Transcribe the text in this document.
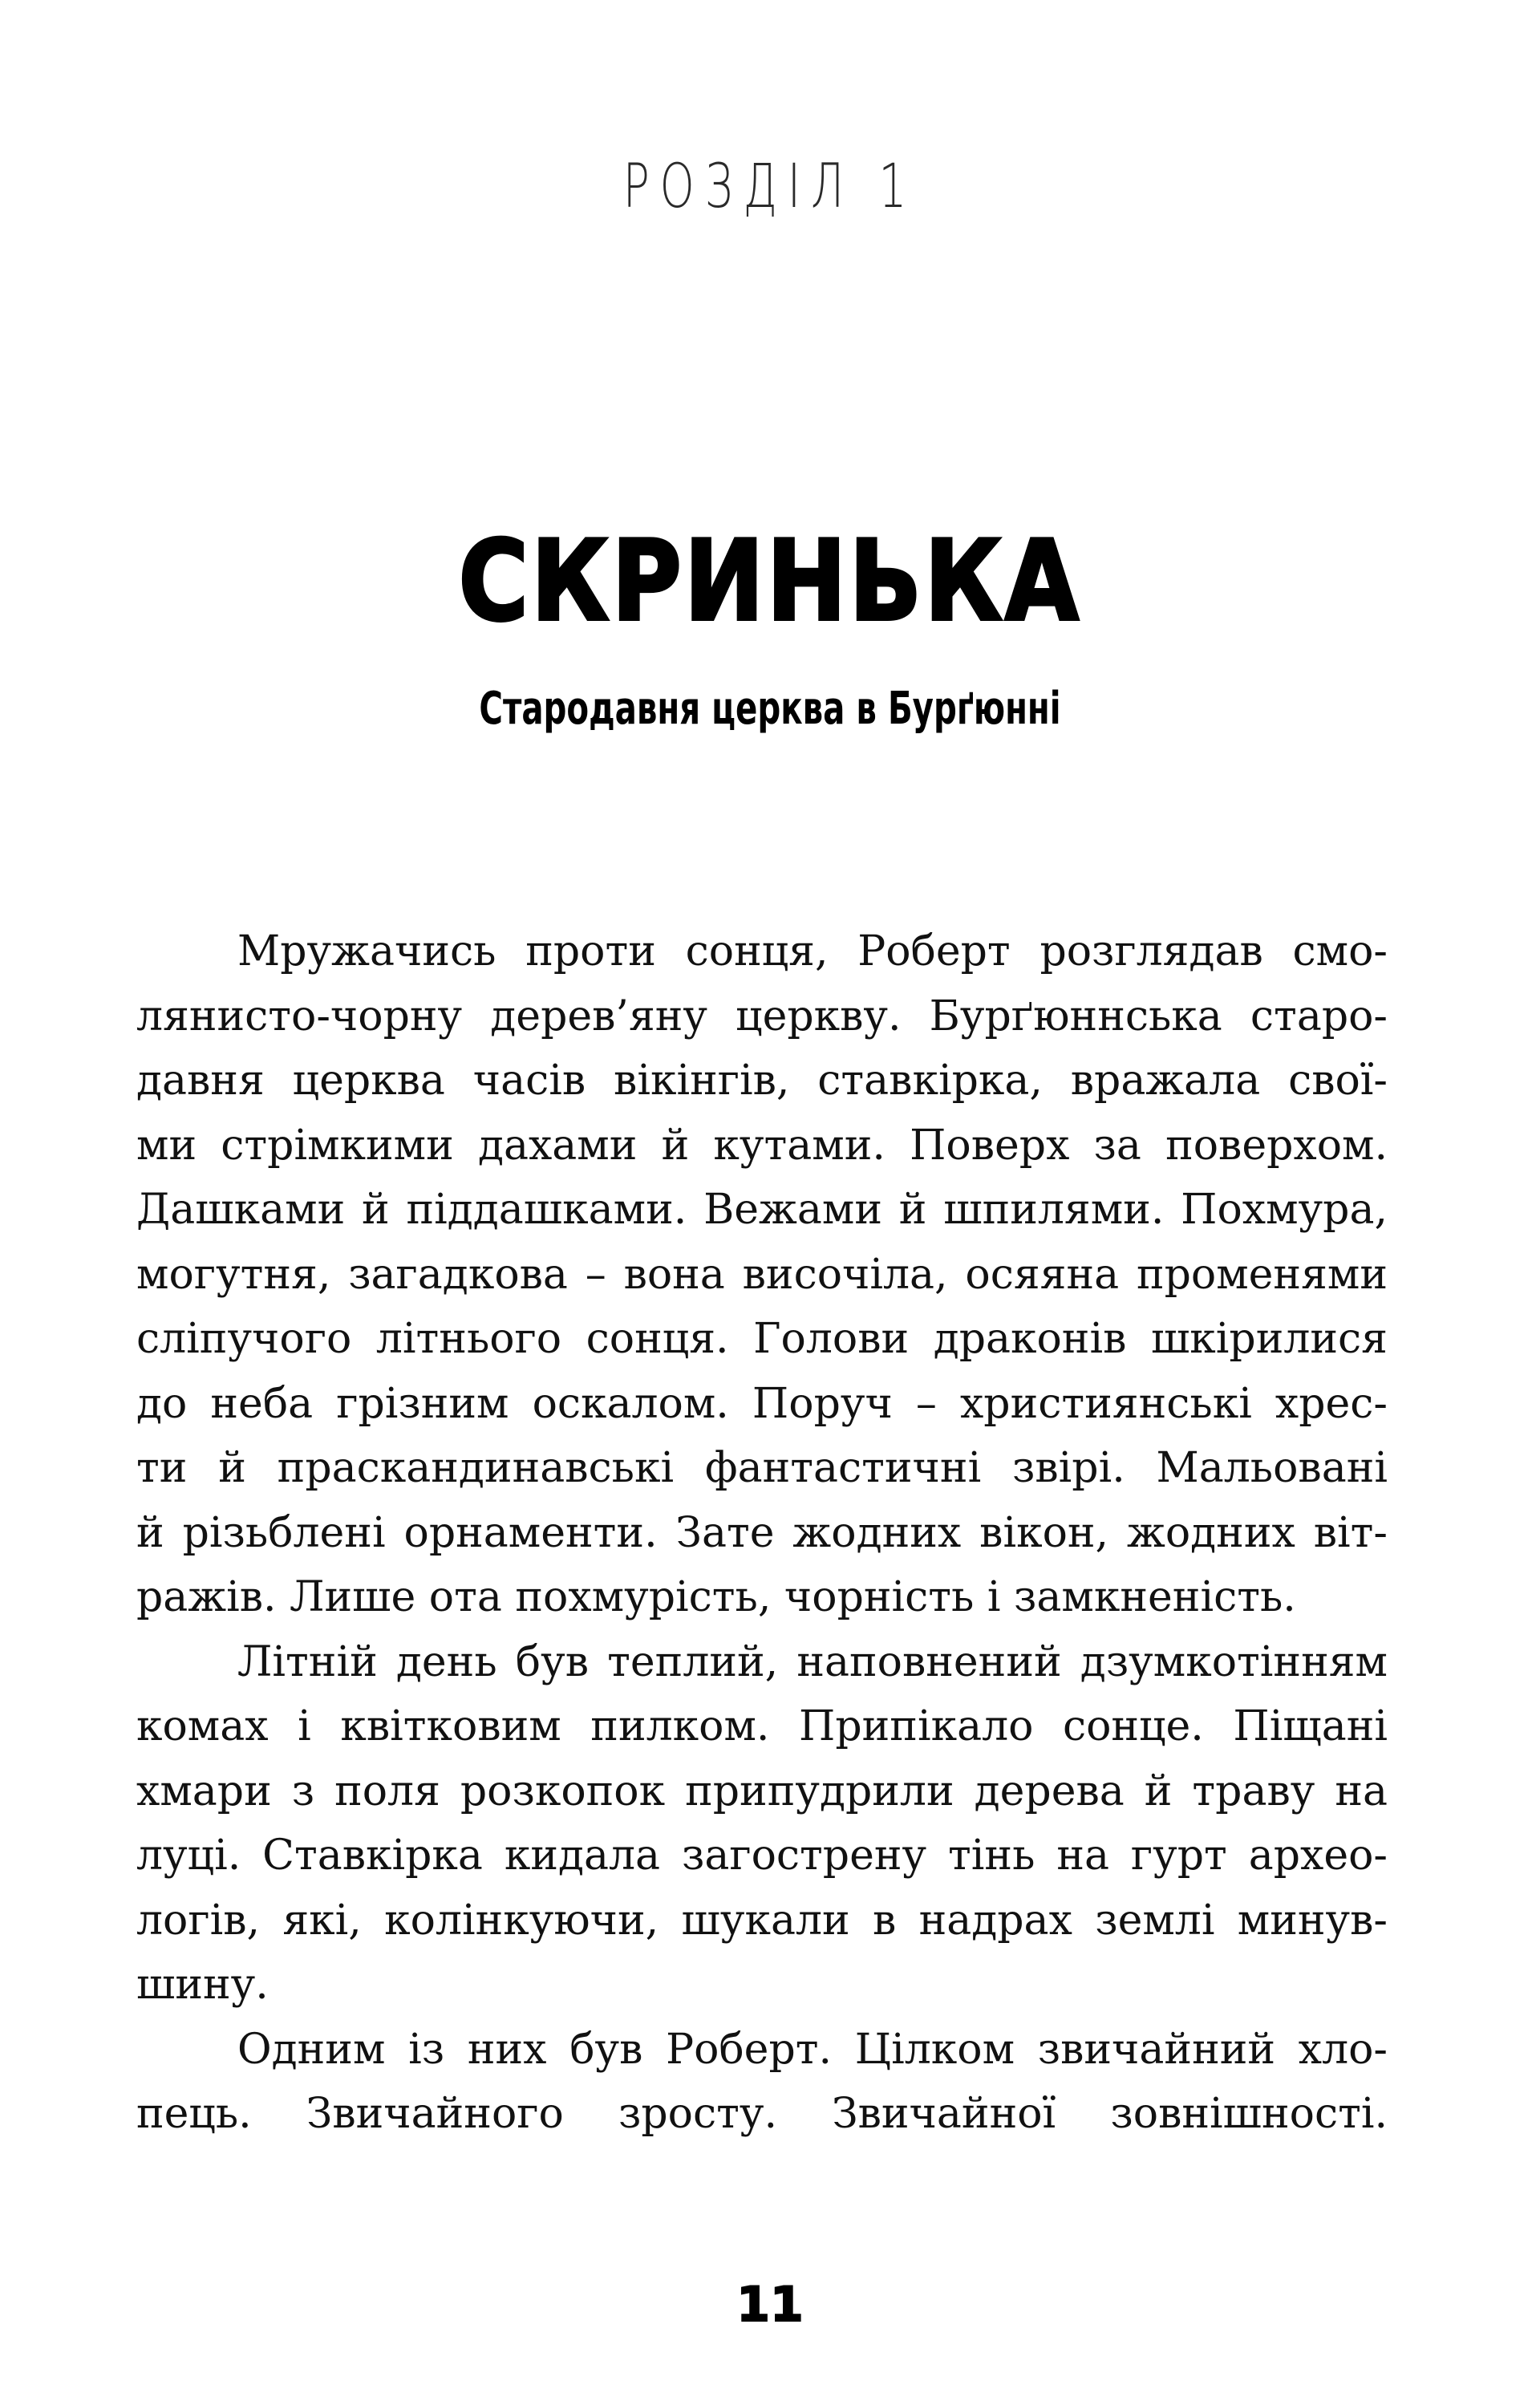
РОЗДІЛ 1
СКРИНЬКА
Стародавня церква в Бурґюнні
Мружачись проти сонця, Роберт розглядав смо-
лянисто-чорну дерев’яну церкву. Бурґюннська старо-
давня церква часів вікінгів, ставкірка, вражала свої-
ми стрімкими дахами й кутами. Поверх за поверхом.
Дашками й піддашками. Вежами й шпилями. Похмура,
могутня, загадкова – вона височіла, осяяна променями
сліпучого літнього сонця. Голови драконів шкірилися
до неба грізним оскалом. Поруч – християнські хрес-
ти й праскандинавські фантастичні звірі. Мальовані
й різьблені орнаменти. Зате жодних вікон, жодних віт-
ражів. Лише ота похмурість, чорність і замкненість.
Літній день був теплий, наповнений дзумкотінням
комах і квітковим пилком. Припікало сонце. Піщані
хмари з поля розкопок припудрили дерева й траву на
луці. Ставкірка кидала загострену тінь на гурт архео-
логів, які, колінкуючи, шукали в надрах землі минув-
шину.
Одним із них був Роберт. Цілком звичайний хло-
пець. Звичайного зросту. Звичайної зовнішності.
11
